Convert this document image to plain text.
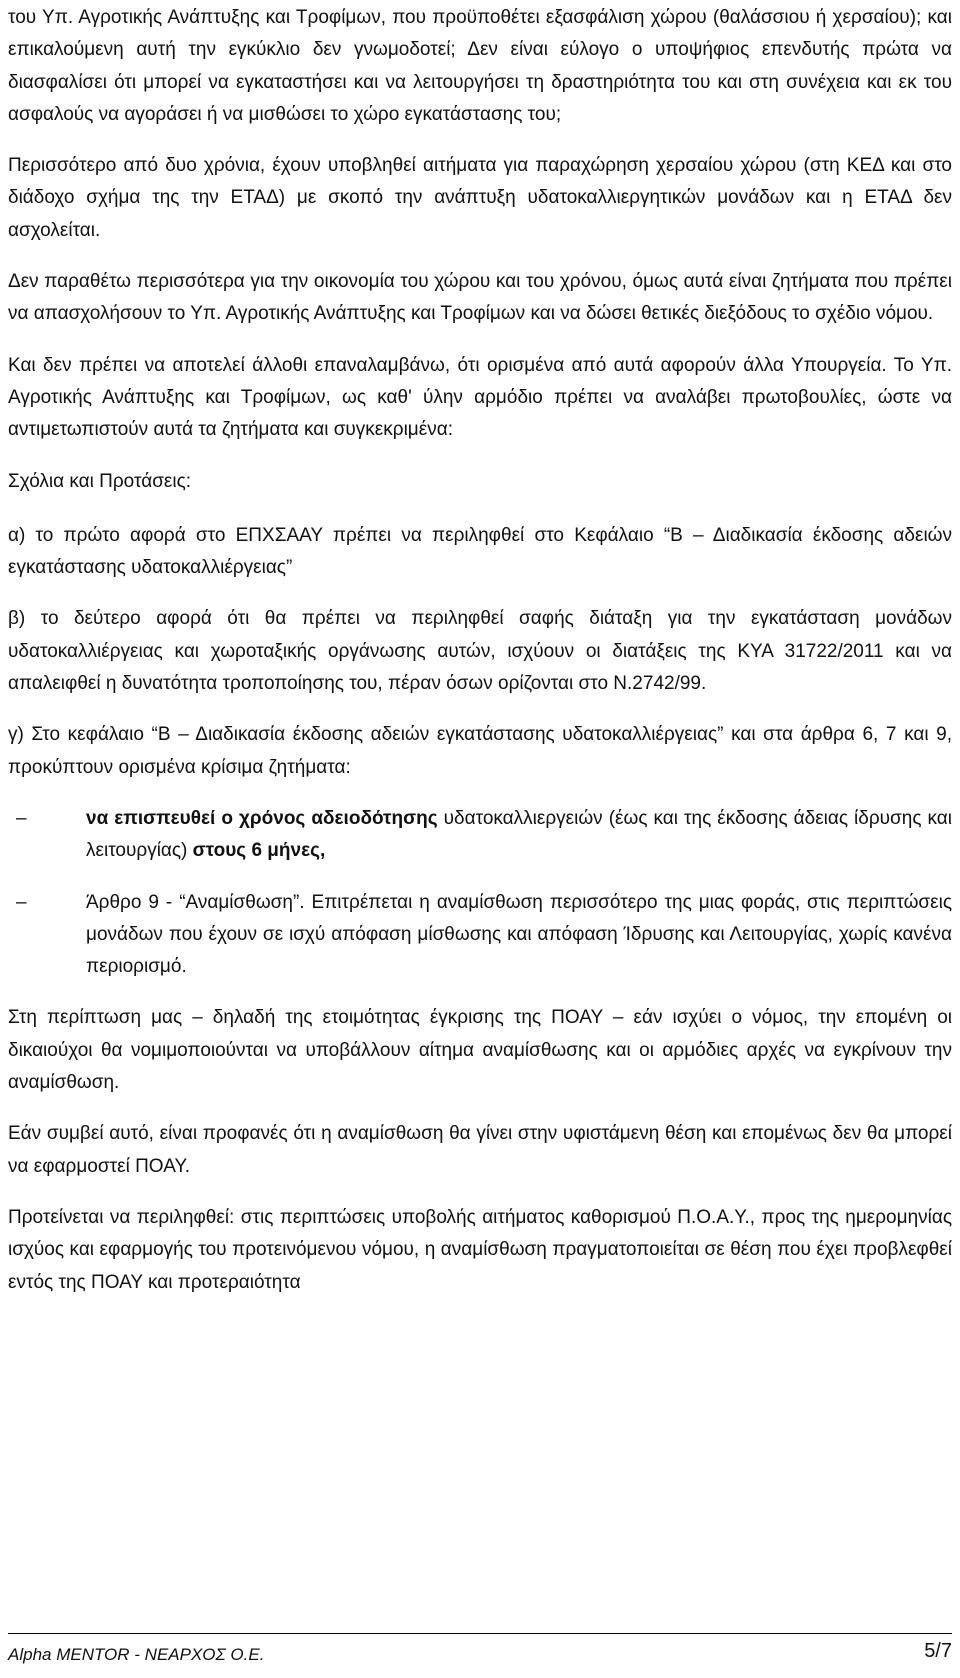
του Υπ. Αγροτικής Ανάπτυξης και Τροφίμων, που προϋποθέτει εξασφάλιση χώρου (θαλάσσιου ή χερσαίου); και επικαλούμενη αυτή την εγκύκλιο δεν γνωμοδοτεί; Δεν είναι εύλογο ο υποψήφιος επενδυτής πρώτα να διασφαλίσει ότι μπορεί να εγκαταστήσει και να λειτουργήσει τη δραστηριότητα του και στη συνέχεια και εκ του ασφαλούς να αγοράσει ή να μισθώσει το χώρο εγκατάστασης του;

Περισσότερο από δυο χρόνια, έχουν υποβληθεί αιτήματα για παραχώρηση χερσαίου χώρου (στη ΚΕΔ και στο διάδοχο σχήμα της την ΕΤΑΔ) με σκοπό την ανάπτυξη υδατοκαλλιεργητικών μονάδων και η ΕΤΑΔ δεν ασχολείται.

Δεν παραθέτω περισσότερα για την οικονομία του χώρου και του χρόνου, όμως αυτά είναι ζητήματα που πρέπει να απασχολήσουν το Υπ. Αγροτικής Ανάπτυξης και Τροφίμων και να δώσει θετικές διεξόδους το σχέδιο νόμου.

Και δεν πρέπει να αποτελεί άλλοθι επαναλαμβάνω, ότι ορισμένα από αυτά αφορούν άλλα Υπουργεία. Το Υπ. Αγροτικής Ανάπτυξης και Τροφίμων, ως καθ' ύλην αρμόδιο πρέπει να αναλάβει πρωτοβουλίες, ώστε να αντιμετωπιστούν αυτά τα ζητήματα και συγκεκριμένα:

Σχόλια και Προτάσεις:

α) το πρώτο αφορά στο ΕΠΧΣΑΑΥ πρέπει να περιληφθεί στο Κεφάλαιο “Β – Διαδικασία έκδοσης αδειών εγκατάστασης υδατοκαλλιέργειας”

β) το δεύτερο αφορά ότι θα πρέπει να περιληφθεί σαφής διάταξη για την εγκατάσταση μονάδων υδατοκαλλιέργειας και χωροταξικής οργάνωσης αυτών, ισχύουν οι διατάξεις της ΚΥΑ 31722/2011 και να απαλειφθεί η δυνατότητα τροποποίησης του, πέραν όσων ορίζονται στο Ν.2742/99.

γ) Στο κεφάλαιο “Β – Διαδικασία έκδοσης αδειών εγκατάστασης υδατοκαλλιέργειας” και στα άρθρα 6, 7 και 9, προκύπτουν ορισμένα κρίσιμα ζητήματα:

–	να επισπευθεί ο χρόνος αδειοδότησης υδατοκαλλιεργειών (έως και της έκδοσης άδειας ίδρυσης και λειτουργίας) στους 6 μήνες,
–	Άρθρο 9 - “Αναμίσθωση”. Επιτρέπεται η αναμίσθωση περισσότερο της μιας φοράς, στις περιπτώσεις μονάδων που έχουν σε ισχύ απόφαση μίσθωσης και απόφαση Ίδρυσης και Λειτουργίας, χωρίς κανένα περιορισμό.

Στη περίπτωση μας – δηλαδή της ετοιμότητας έγκρισης της ΠΟΑΥ – εάν ισχύει ο νόμος, την επομένη οι δικαιούχοι θα νομιμοποιούνται να υποβάλλουν αίτημα αναμίσθωσης και οι αρμόδιες αρχές να εγκρίνουν την αναμίσθωση.

Εάν συμβεί αυτό, είναι προφανές ότι η αναμίσθωση θα γίνει στην υφιστάμενη θέση και επομένως δεν θα μπορεί να εφαρμοστεί ΠΟΑΥ.

Προτείνεται να περιληφθεί: στις περιπτώσεις υποβολής αιτήματος καθορισμού Π.Ο.Α.Υ., προς της ημερομηνίας ισχύος και εφαρμογής του προτεινόμενου νόμου, η αναμίσθωση πραγματοποιείται σε θέση που έχει προβλεφθεί εντός της ΠΟΑΥ και προτεραιότητα

Alpha MENTOR - ΝΕΑΡΧΟΣ Ο.Ε.	5/7
